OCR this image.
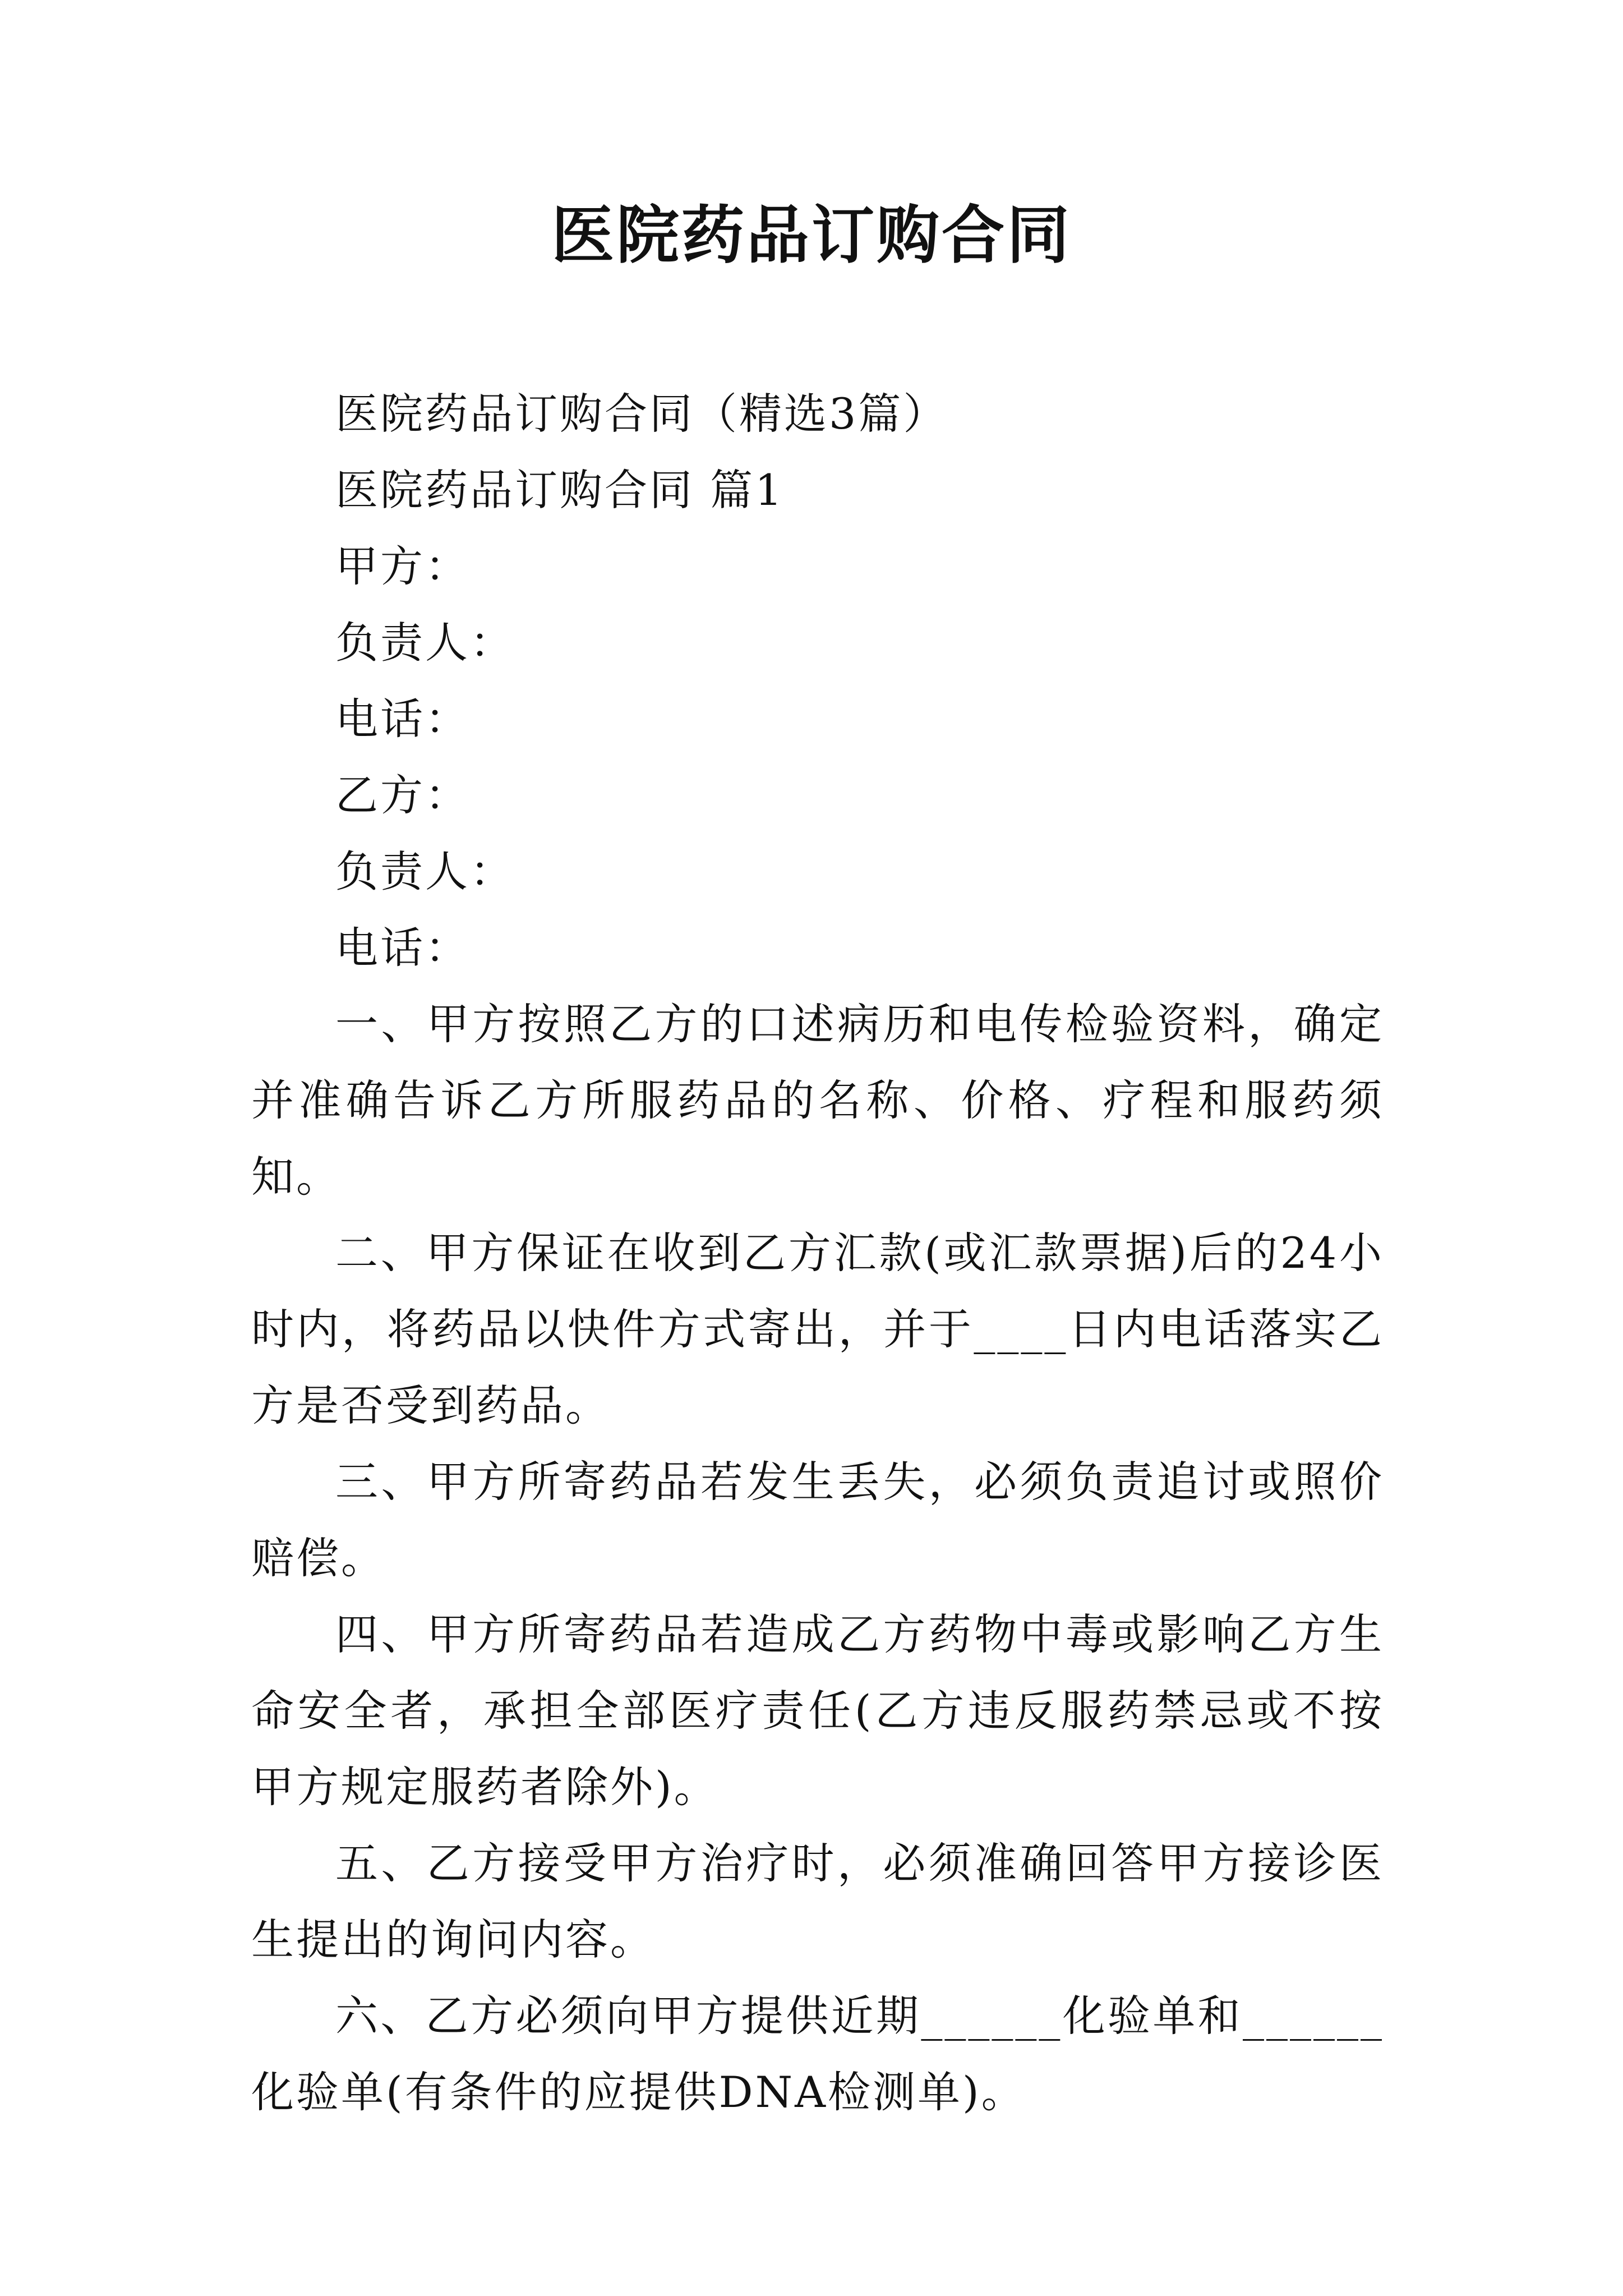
医院药品订购合同

医院药品订购合同（精选3篇）

医院药品订购合同 篇1

甲方：

负责人：

电话：

乙方：

负责人：

电话：

一、甲方按照乙方的口述病历和电传检验资料，确定并准确告诉乙方所服药品的名称、价格、疗程和服药须知。

二、甲方保证在收到乙方汇款(或汇款票据)后的24小时内，将药品以快件方式寄出，并于____日内电话落实乙方是否受到药品。

三、甲方所寄药品若发生丢失，必须负责追讨或照价赔偿。

四、甲方所寄药品若造成乙方药物中毒或影响乙方生命安全者，承担全部医疗责任(乙方违反服药禁忌或不按甲方规定服药者除外)。

五、乙方接受甲方治疗时，必须准确回答甲方接诊医生提出的询问内容。

六、乙方必须向甲方提供近期______化验单和______化验单(有条件的应提供DNA检测单)。
